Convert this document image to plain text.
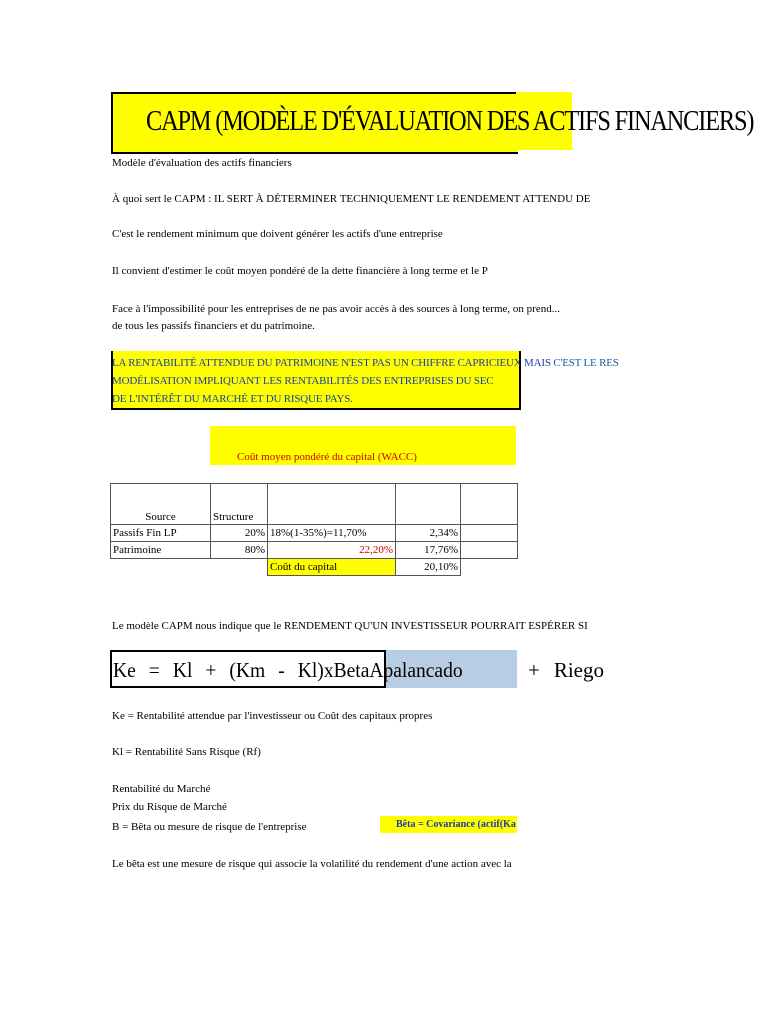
CAPM (MODÈLE D'ÉVALUATION DES ACTIFS FINANCIERS)
Modèle d'évaluation des actifs financiers
À quoi sert le CAPM : IL SERT À DÉTERMINER TECHNIQUEMENT LE RENDEMENT ATTENDU DE
C'est le rendement minimum que doivent générer les actifs d'une entreprise
Il convient d'estimer le coût moyen pondéré de la dette financière à long terme et le P
Face à l'impossibilité pour les entreprises de ne pas avoir accès à des sources à long terme, on prend...
de tous les passifs financiers et du patrimoine.
LA RENTABILITÉ ATTENDUE DU PATRIMOINE N'EST PAS UN CHIFFRE CAPRICIEUX MAIS C'EST LE RES
MODÉLISATION IMPLIQUANT LES RENTABILITÉS DES ENTREPRISES DU SEC
DE L'INTÉRÊT DU MARCHÉ ET DU RISQUE PAYS.
Coût moyen pondéré du capital (WACC)
Source	Structure			
Passifs Fin LP	20%	18%(1-35%)=11,70%	2,34%	
Patrimoine	80%	22,20%	17,76%	
		Coût du capital	20,10%	
Le modèle CAPM nous indique que le RENDEMENT QU'UN INVESTISSEUR POURRAIT ESPÉRER SI
Ke = Kl + (Km - Kl)xBetaApalancado	+ Riego
Ke = Rentabilité attendue par l'investisseur ou Coût des capitaux propres
Kl = Rentabilité Sans Risque (Rf)
Rentabilité du Marché
Prix du Risque de Marché
B = Bêta ou mesure de risque de l'entreprise	Bêta = Covariance (actif(Ka
Le bêta est une mesure de risque qui associe la volatilité du rendement d'une action avec la
